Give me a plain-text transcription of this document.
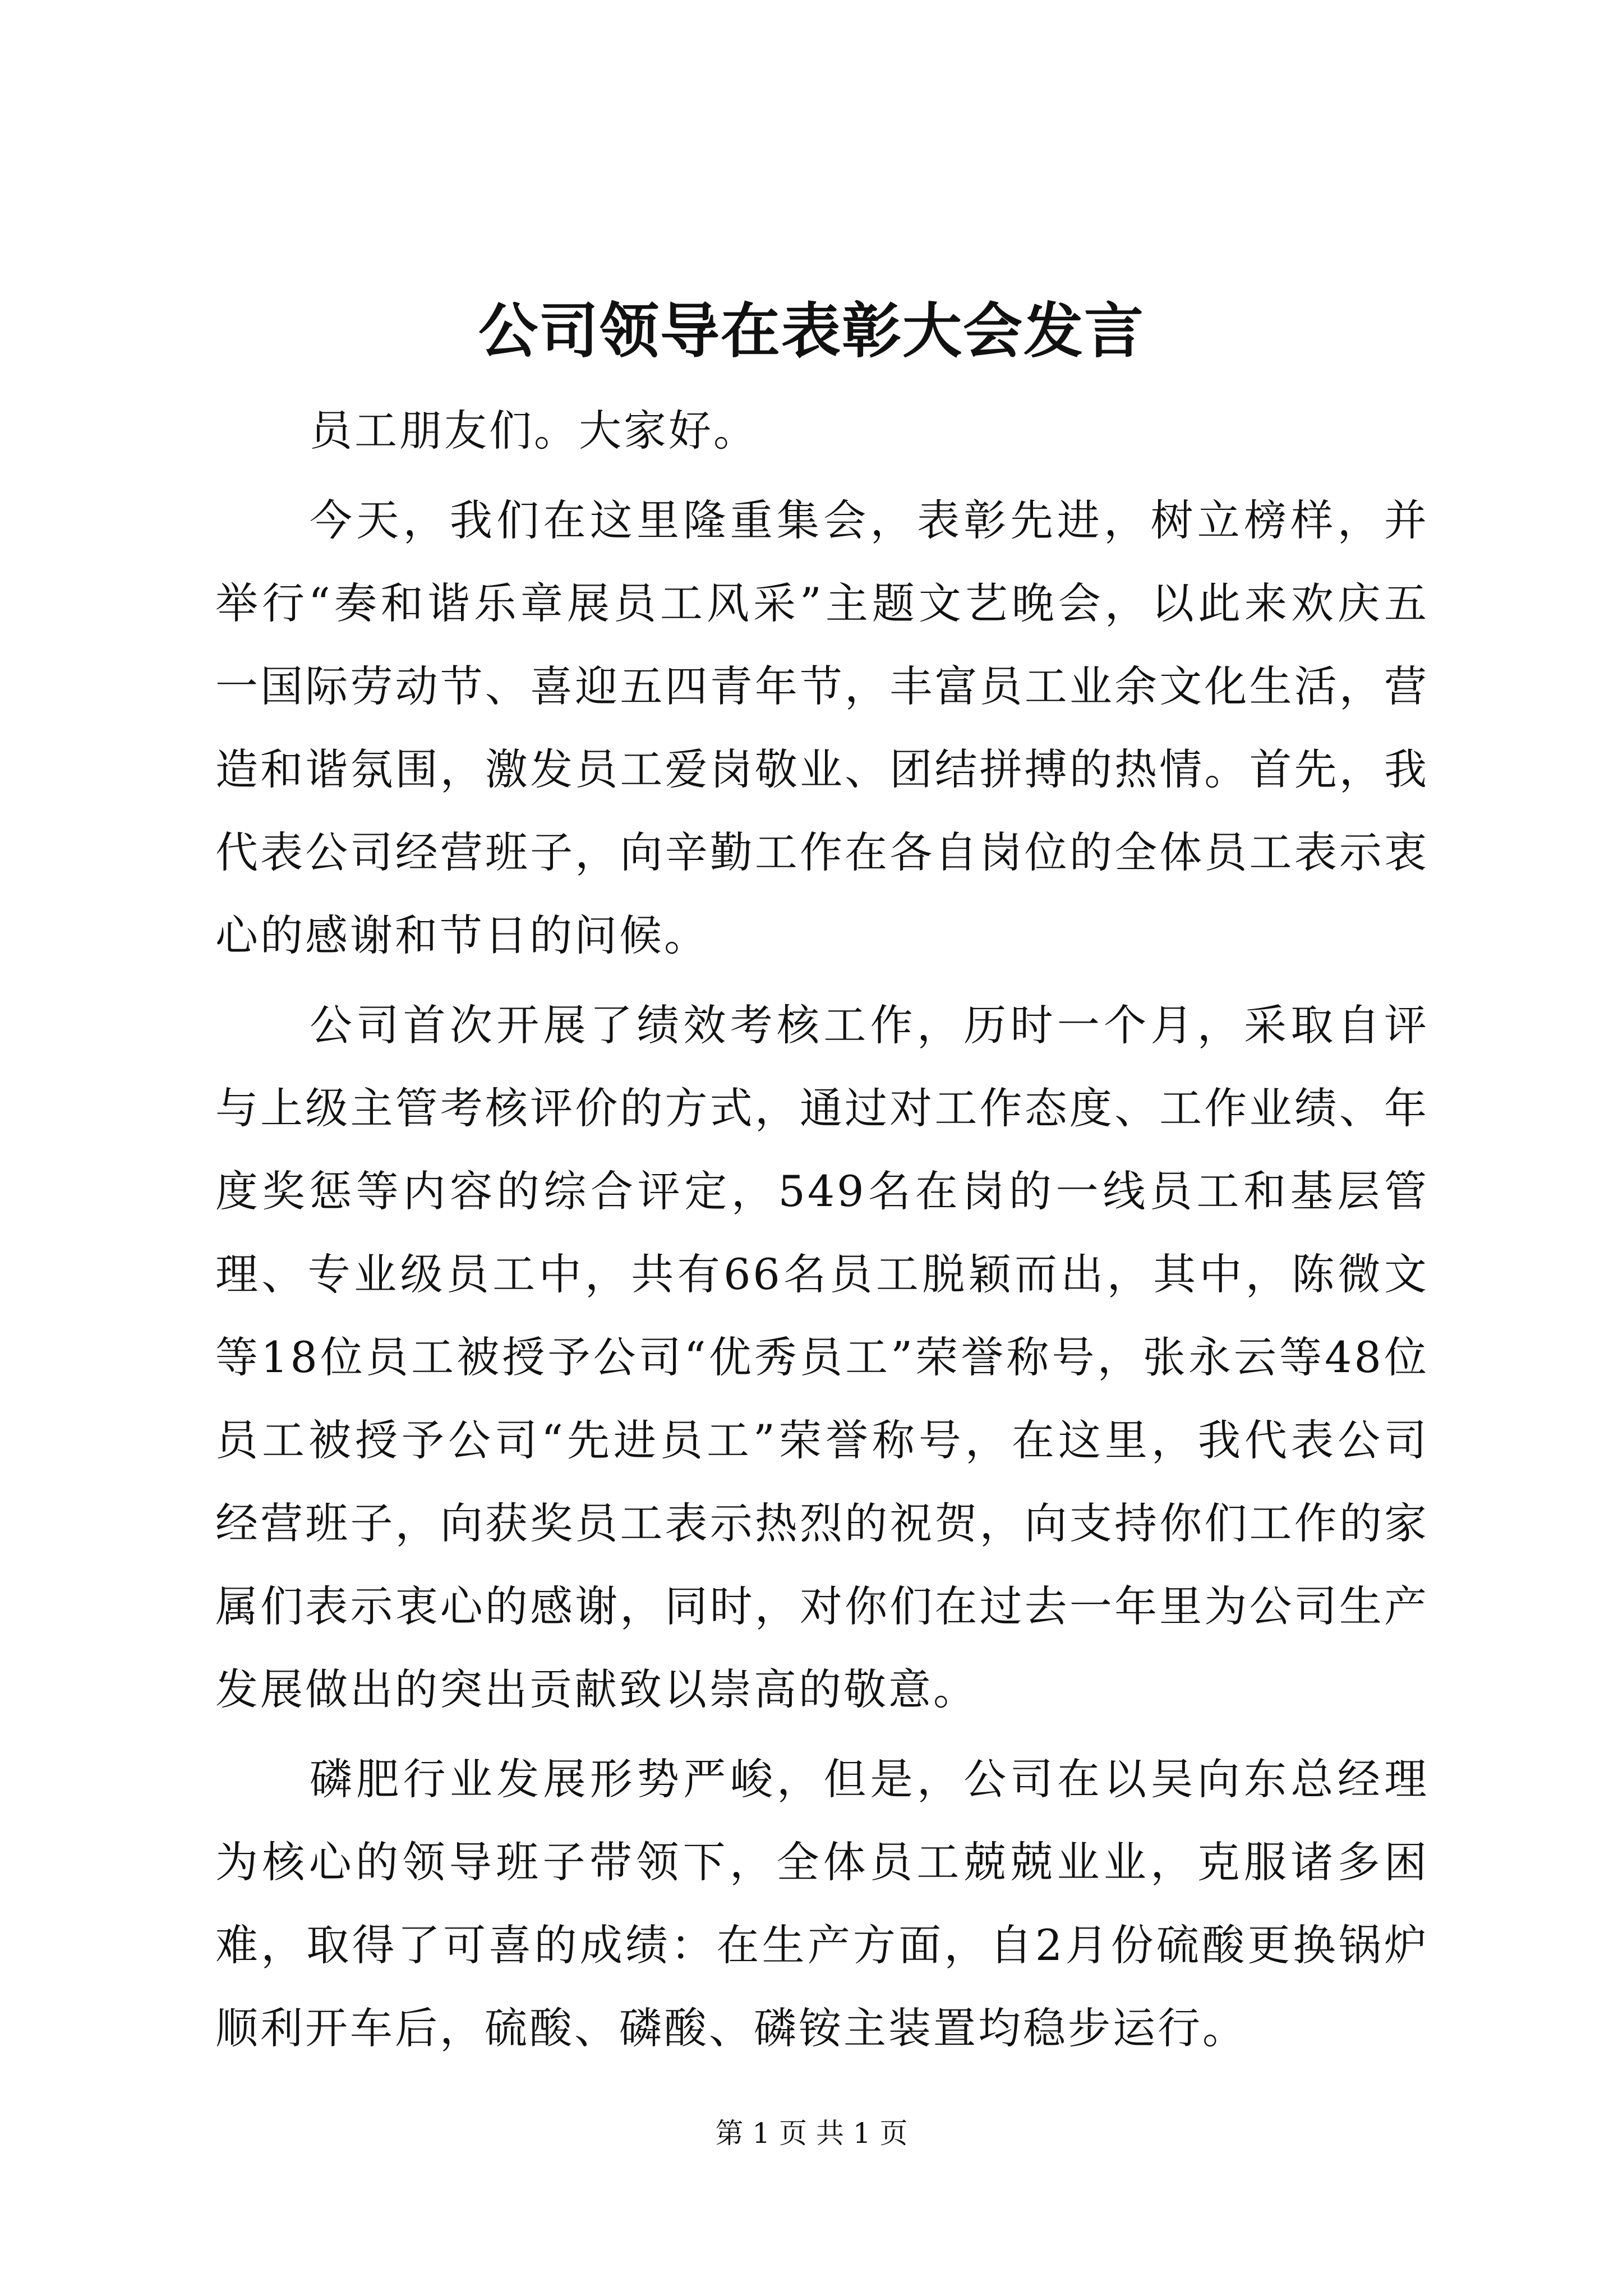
公司领导在表彰大会发言

员工朋友们。大家好。

今天，我们在这里隆重集会，表彰先进，树立榜样，并举行“奏和谐乐章展员工风采”主题文艺晚会，以此来欢庆五一国际劳动节、喜迎五四青年节，丰富员工业余文化生活，营造和谐氛围，激发员工爱岗敬业、团结拼搏的热情。首先，我代表公司经营班子，向辛勤工作在各自岗位的全体员工表示衷心的感谢和节日的问候。

公司首次开展了绩效考核工作，历时一个月，采取自评与上级主管考核评价的方式，通过对工作态度、工作业绩、年度奖惩等内容的综合评定，549名在岗的一线员工和基层管理、专业级员工中，共有66名员工脱颖而出，其中，陈微文等18位员工被授予公司“优秀员工”荣誉称号，张永云等48位员工被授予公司“先进员工”荣誉称号，在这里，我代表公司经营班子，向获奖员工表示热烈的祝贺，向支持你们工作的家属们表示衷心的感谢，同时，对你们在过去一年里为公司生产发展做出的突出贡献致以崇高的敬意。

磷肥行业发展形势严峻，但是，公司在以吴向东总经理为核心的领导班子带领下，全体员工兢兢业业，克服诸多困难，取得了可喜的成绩：在生产方面，自2月份硫酸更换锅炉顺利开车后，硫酸、磷酸、磷铵主装置均稳步运行。

第 1 页 共 1 页
